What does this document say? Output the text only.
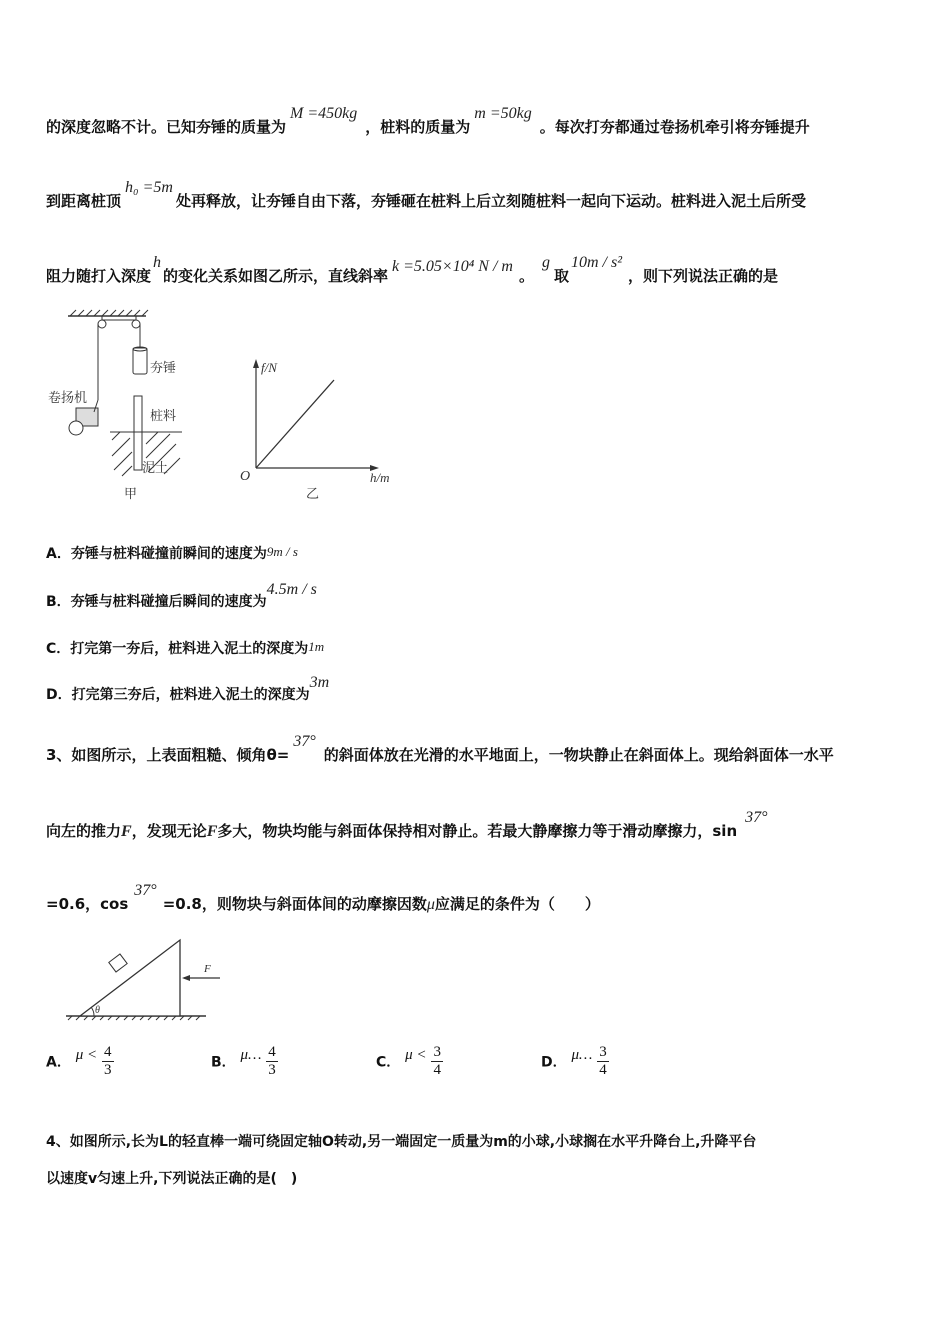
的深度忽略不计。已知夯锤的质量为M =450kg，桩料的质量为m =50kg。每次打夯都通过卷扬机牵引将夯锤提升
到距离桩顶h₀ =5m处再释放，让夯锤自由下落，夯锤砸在桩料上后立刻随桩料一起向下运动。桩料进入泥土后所受
阻力随打入深度h的变化关系如图乙所示，直线斜率k =5.05×10⁴ N / m。g取10m / s²，则下列说法正确的是
夯锤
卷扬机
桩料
泥土
甲
f/N
h/m
O
乙
A．夯锤与桩料碰撞前瞬间的速度为9m / s
B．夯锤与桩料碰撞后瞬间的速度为4.5m / s
C．打完第一夯后，桩料进入泥土的深度为1m
D．打完第三夯后，桩料进入泥土的深度为3m
3、如图所示，上表面粗糙、倾角θ=37°的斜面体放在光滑的水平地面上，一物块静止在斜面体上。现给斜面体一水平
向左的推力F，发现无论F多大，物块均能与斜面体保持相对静止。若最大静摩擦力等于滑动摩擦力，sin37°
=0.6，cos37°=0.8，则物块与斜面体间的动摩擦因数μ应满足的条件为（　　）
θ
F
A． $\mu < \frac{4}{3}$	B． μ… $\frac{4}{3}$	C． $\mu < \frac{3}{4}$	D． μ… $\frac{3}{4}$
4、如图所示,长为L的轻直棒一端可绕固定轴O转动,另一端固定一质量为m的小球,小球搁在水平升降台上,升降平台
以速度v匀速上升,下列说法正确的是(　)
